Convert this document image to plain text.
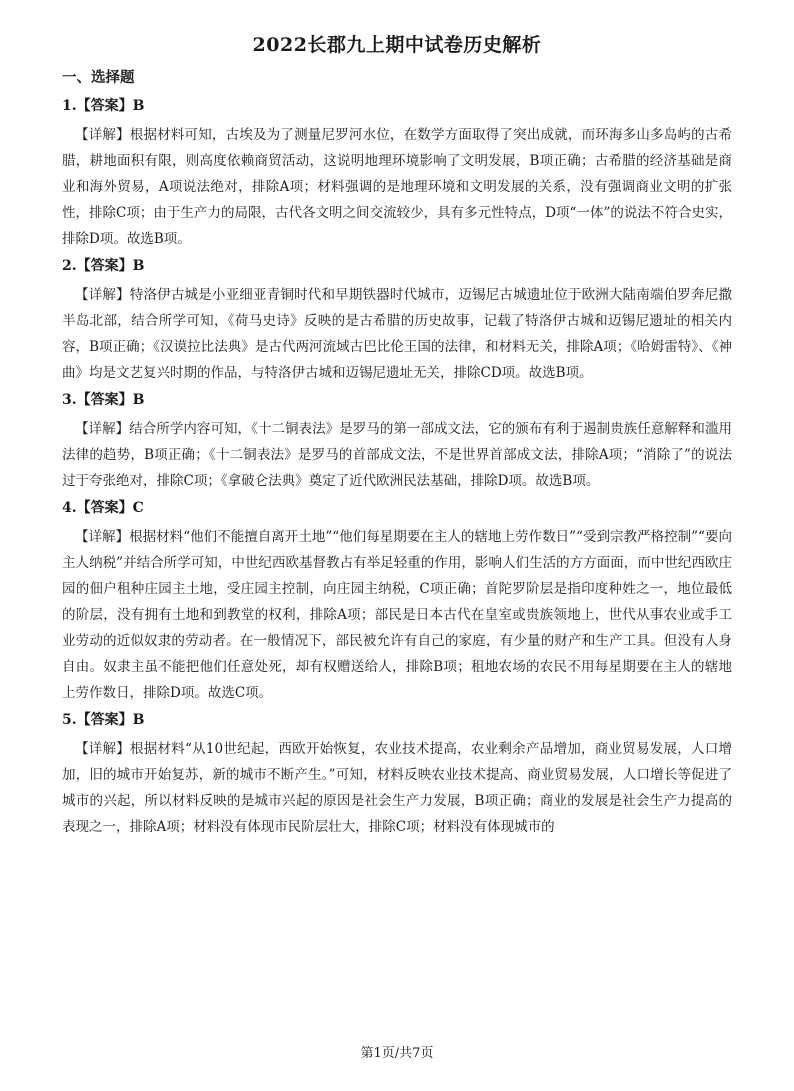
2022长郡九上期中试卷历史解析
一、选择题
1.【答案】B

【详解】根据材料可知，古埃及为了测量尼罗河水位，在数学方面取得了突出成就，而环海多山多岛屿的古希腊，耕地面积有限，则高度依赖商贸活动，这说明地理环境影响了文明发展，B项正确；古希腊的经济基础是商业和海外贸易，A项说法绝对，排除A项；材料强调的是地理环境和文明发展的关系，没有强调商业文明的扩张性，排除C项；由于生产力的局限，古代各文明之间交流较少，具有多元性特点，D项“一体”的说法不符合史实，排除D项。故选B项。

2.【答案】B

【详解】特洛伊古城是小亚细亚青铜时代和早期铁器时代城市，迈锡尼古城遗址位于欧洲大陆南端伯罗奔尼撒半岛北部，结合所学可知，《荷马史诗》反映的是古希腊的历史故事，记载了特洛伊古城和迈锡尼遗址的相关内容，B项正确；《汉谟拉比法典》是古代两河流域古巴比伦王国的法律，和材料无关，排除A项；《哈姆雷特》、《神曲》均是文艺复兴时期的作品，与特洛伊古城和迈锡尼遗址无关，排除CD项。故选B项。

3.【答案】B

【详解】结合所学内容可知，《十二铜表法》是罗马的第一部成文法，它的颁布有利于遏制贵族任意解释和滥用法律的趋势，B项正确；《十二铜表法》是罗马的首部成文法，不是世界首部成文法，排除A项；“消除了”的说法过于夸张绝对，排除C项；《拿破仑法典》奠定了近代欧洲民法基础，排除D项。故选B项。

4.【答案】C

【详解】根据材料“他们不能擅自离开土地”“他们每星期要在主人的辖地上劳作数日”“受到宗教严格控制”“要向主人纳税”并结合所学可知，中世纪西欧基督教占有举足轻重的作用，影响人们生活的方方面面，而中世纪西欧庄园的佃户租种庄园主土地，受庄园主控制，向庄园主纳税，C项正确；首陀罗阶层是指印度种姓之一，地位最低的阶层，没有拥有土地和到教堂的权利，排除A项；部民是日本古代在皇室或贵族领地上，世代从事农业或手工业劳动的近似奴隶的劳动者。在一般情况下，部民被允许有自己的家庭，有少量的财产和生产工具。但没有人身自由。奴隶主虽不能把他们任意处死，却有权赠送给人，排除B项；租地农场的农民不用每星期要在主人的辖地上劳作数日，排除D项。故选C项。

5.【答案】B

【详解】根据材料“从10世纪起，西欧开始恢复，农业技术提高，农业剩余产品增加，商业贸易发展，人口增加，旧的城市开始复苏，新的城市不断产生。”可知，材料反映农业技术提高、商业贸易发展，人口增长等促进了城市的兴起，所以材料反映的是城市兴起的原因是社会生产力发展，B项正确；商业的发展是社会生产力提高的表现之一，排除A项；材料没有体现市民阶层壮大，排除C项；材料没有体现城市的

第1页/共7页
